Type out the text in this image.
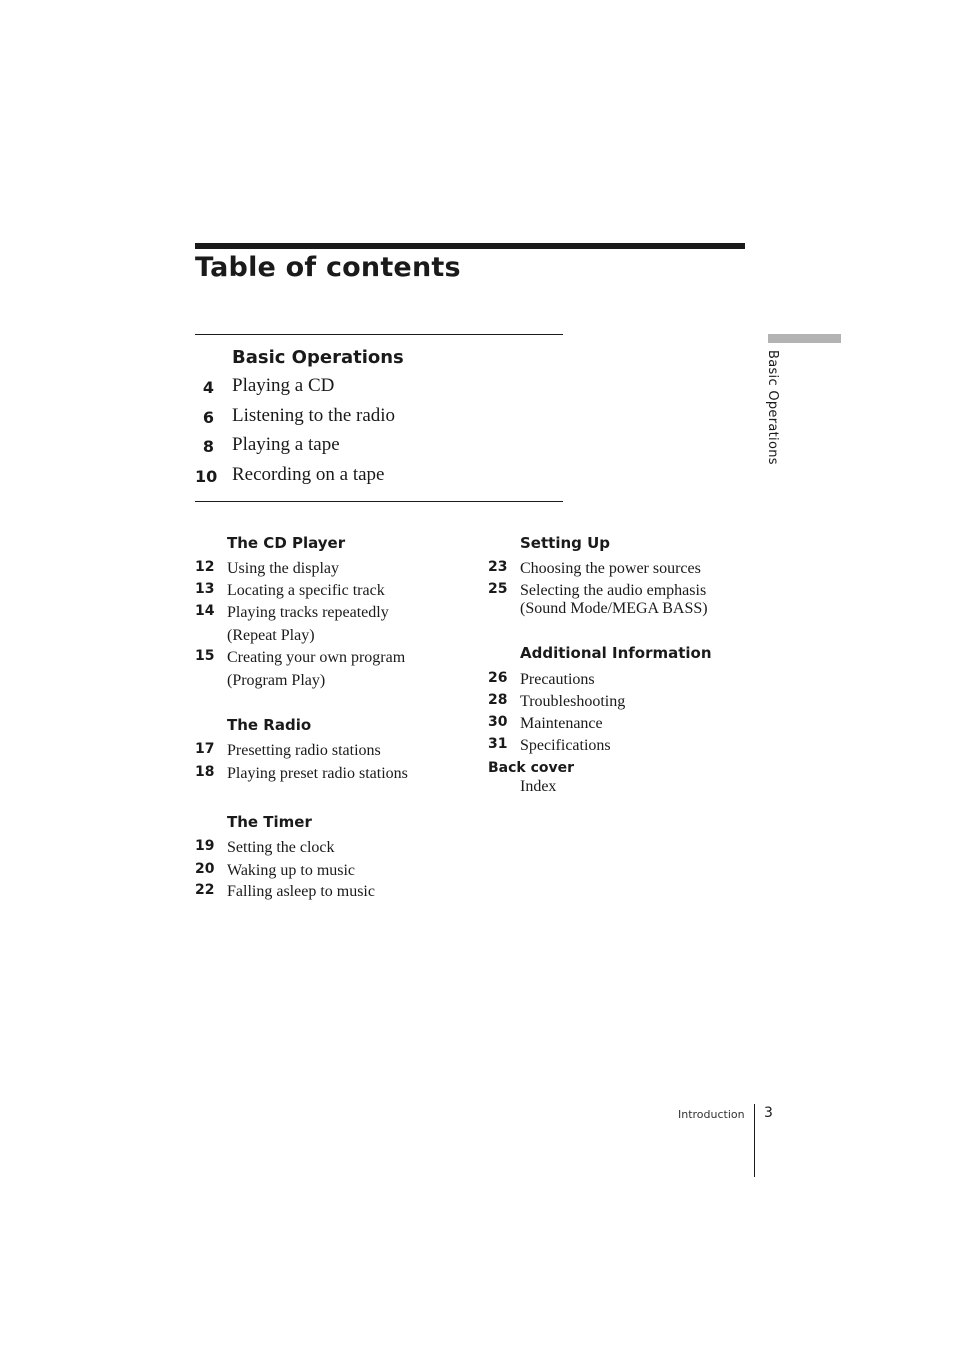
Table of contents
Basic Operations
4 Playing a CD
6 Listening to the radio
8 Playing a tape
10 Recording on a tape
The CD Player
12 Using the display
13 Locating a specific track
14 Playing tracks repeatedly
(Repeat Play)
15 Creating your own program
(Program Play)
The Radio
17 Presetting radio stations
18 Playing preset radio stations
The Timer
19 Setting the clock
20 Waking up to music
22 Falling asleep to music
Setting Up
23 Choosing the power sources
25 Selecting the audio emphasis
(Sound Mode/MEGA BASS)
Additional Information
26 Precautions
28 Troubleshooting
30 Maintenance
31 Specifications
Back cover
Index
Basic Operations
Introduction 3
